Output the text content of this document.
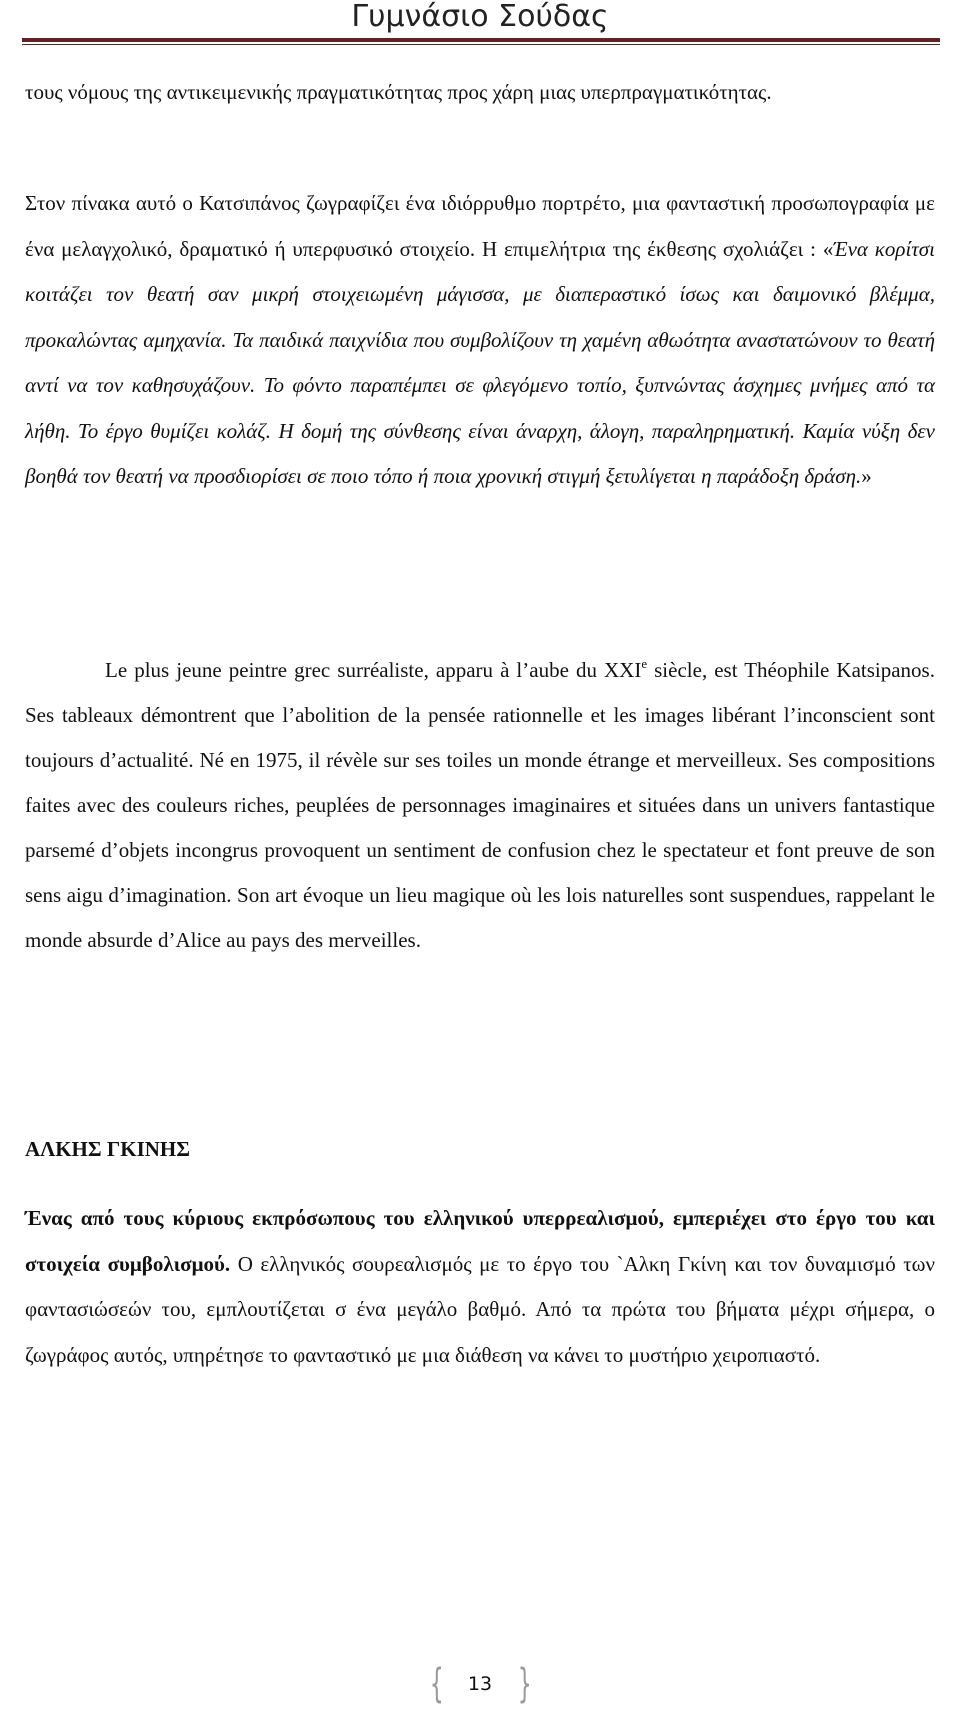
Γυμνάσιο Σούδας

τους νόμους της αντικειμενικής πραγματικότητας προς χάρη μιας υπερπραγματικότητας.

Στον πίνακα αυτό ο Κατσιπάνος ζωγραφίζει ένα ιδιόρρυθμο πορτρέτο, μια φανταστική προσωπογραφία με ένα μελαγχολικό, δραματικό ή υπερφυσικό στοιχείο. Η επιμελήτρια της έκθεσης σχολιάζει : «Ένα κορίτσι κοιτάζει τον θεατή σαν μικρή στοιχειωμένη μάγισσα, με διαπεραστικό ίσως και δαιμονικό βλέμμα, προκαλώντας αμηχανία. Τα παιδικά παιχνίδια που συμβολίζουν τη χαμένη αθωότητα αναστατώνουν το θεατή αντί να τον καθησυχάζουν. Το φόντο παραπέμπει σε φλεγόμενο τοπίο, ξυπνώντας άσχημες μνήμες από τα λήθη. Το έργο θυμίζει κολάζ. Η δομή της σύνθεσης είναι άναρχη, άλογη, παραληρηματική. Καμία νύξη δεν βοηθά τον θεατή να προσδιορίσει σε ποιο τόπο ή ποια χρονική στιγμή ξετυλίγεται η παράδοξη δράση.»

Le plus jeune peintre grec surréaliste, apparu à l’aube du XXIe siècle, est Théophile Katsipanos. Ses tableaux démontrent que l’abolition de la pensée rationnelle et les images libérant l’inconscient sont toujours d’actualité. Né en 1975, il révèle sur ses toiles un monde étrange et merveilleux. Ses compositions faites avec des couleurs riches, peuplées de personnages imaginaires et situées dans un univers fantastique parsemé d’objets incongrus provoquent un sentiment de confusion chez le spectateur et font preuve de son sens aigu d’imagination. Son art évoque un lieu magique où les lois naturelles sont suspendues, rappelant le monde absurde d’Alice au pays des merveilles.

ΑΛΚΗΣ ΓΚΙΝΗΣ

Ένας από τους κύριους εκπρόσωπους του ελληνικού υπερρεαλισμού, εμπεριέχει στο έργο του και στοιχεία συμβολισμού. Ο ελληνικός σουρεαλισμός με το έργο του `Αλκη Γκίνη και τον δυναμισμό των φαντασιώσεών του, εμπλουτίζεται σ ένα μεγάλο βαθμό. Από τα πρώτα του βήματα μέχρι σήμερα, ο ζωγράφος αυτός, υπηρέτησε το φανταστικό με μια διάθεση να κάνει το μυστήριο χειροπιαστό.

{	13 }
